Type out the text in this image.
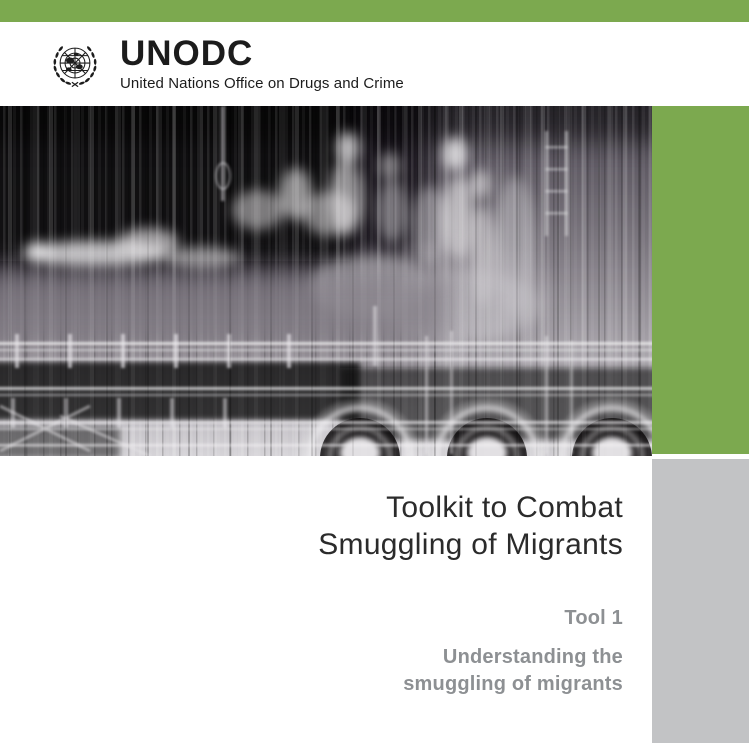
UNODC
United Nations Office on Drugs and Crime
Toolkit to Combat
Smuggling of Migrants
Tool 1
Understanding the
smuggling of migrants
